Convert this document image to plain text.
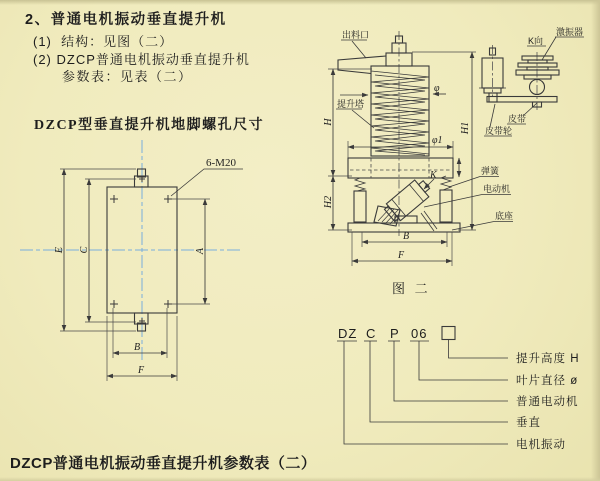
2、普通电机振动垂直提升机
(1)  结构：见图（二）
(2) DZCP普通电机振动垂直提升机
参数表：见表（二）
DZCP型垂直提升机地脚螺孔尺寸
6-M20
E C	A
B
F
出料口
提升塔
φ
H
H2
H1
φ1
K
B
F
K向
激振器
皮带
皮带轮
弹簧
电动机
底座
图 二
DZ C P 06
提升高度 H
叶片直径 ø
普通电动机
垂直
电机振动
DZCP普通电机振动垂直提升机参数表（二）
